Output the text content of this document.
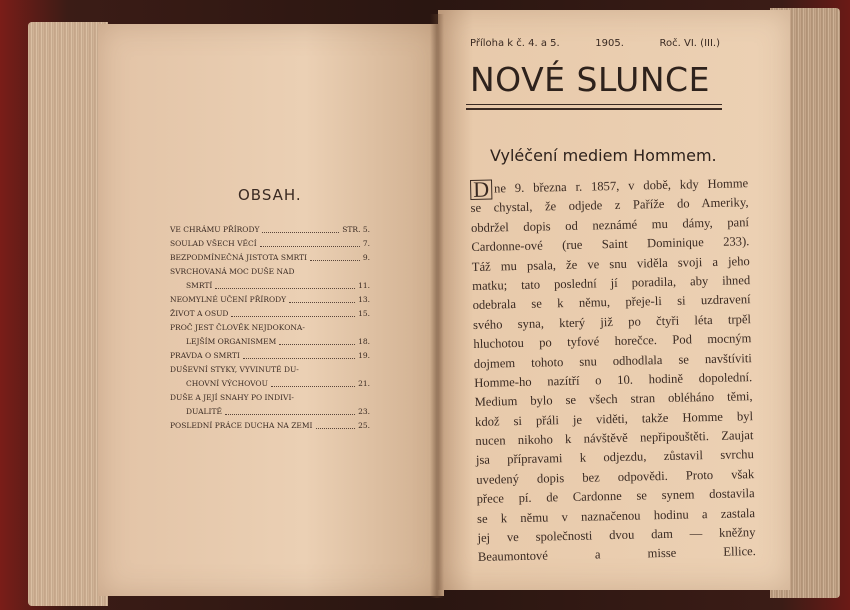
OBSAH.
VE CHRÁMU PŘÍRODY	STR. 5.
SOULAD VŠECH VĚCÍ	7.
BEZPODMÍNEČNÁ JISTOTA SMRTI	9.
SVRCHOVANÁ MOC DUŠE NAD
SMRTÍ	11.
NEOMYLNÉ UČENÍ PŘÍRODY	13.
ŽIVOT A OSUD	15.
PROČ JEST ČLOVĚK NEJDOKONA-
LEJŠÍM ORGANISMEM	18.
PRAVDA O SMRTI	19.
DUŠEVNÍ STYKY, VYVINUTÉ DU-
CHOVNÍ VÝCHOVOU	21.
DUŠE A JEJÍ SNAHY PO INDIVI-
DUALITĚ	23.
POSLEDNÍ PRÁCE DUCHA NA ZEMI	25.
Příloha k č. 4. a 5.	1905.	Roč. VI. (III.)
NOVÉ SLUNCE
Vyléčení mediem Hommem.
D ne 9. března r. 1857, v době, kdy Homme
se chystal, že odjede z Paříže do Ameriky,
obdržel dopis od neznámé mu dámy, paní
Cardonne-ové (rue Saint Dominique 233).
Táž mu psala, že ve snu viděla svoji a jeho
matku; tato poslední jí poradila, aby ihned
odebrala se k němu, přeje-li si uzdravení
svého syna, který již po čtyři léta trpěl
hluchotou po tyfové horečce. Pod mocným
dojmem tohoto snu odhodlala se navštíviti
Homme-ho nazítří o 10. hodině dopolední.
Medium bylo se všech stran obléháno těmi,
kdož si přáli je viděti, takže Homme byl
nucen nikoho k návštěvě nepřipouštěti. Zaujat
jsa přípravami k odjezdu, zůstavil svrchu
uvedený dopis bez odpovědi. Proto však
přece pí. de Cardonne se synem dostavila
se k němu v naznačenou hodinu a zastala
jej ve společnosti dvou dam — kněžny
Beaumontové a misse Ellice.
